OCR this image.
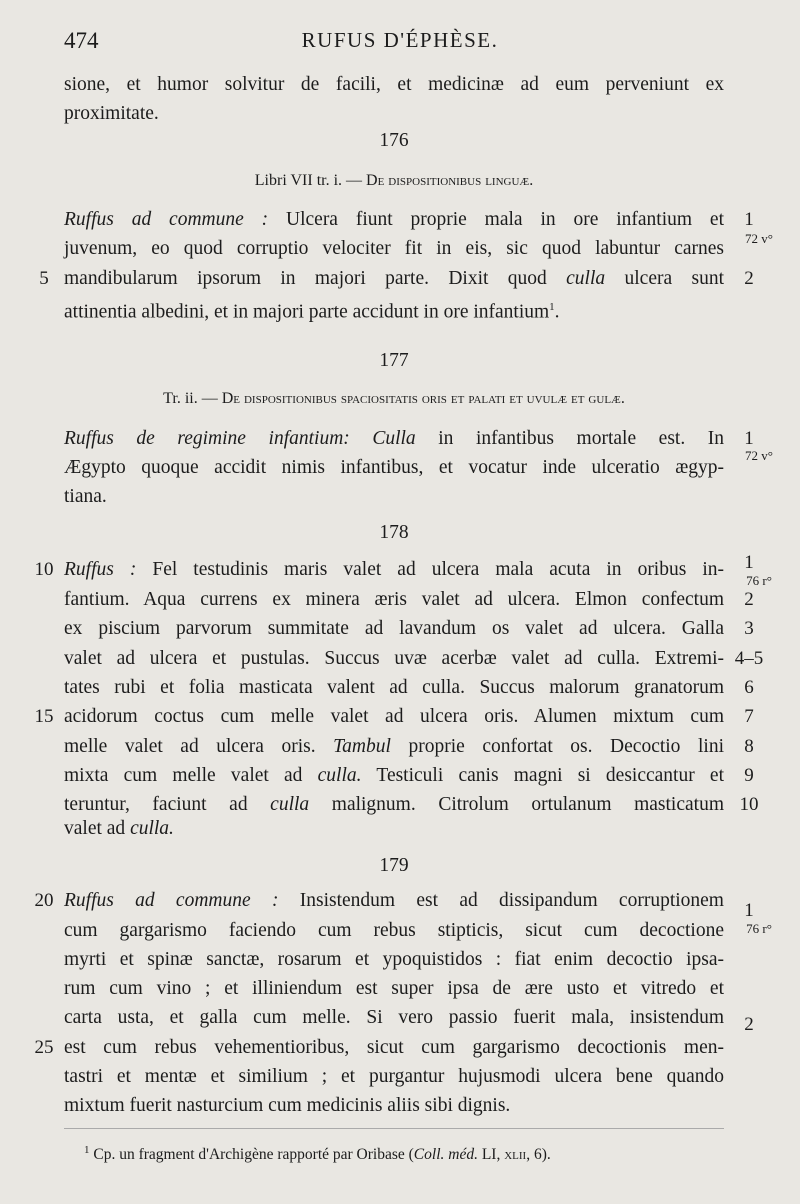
474	RUFUS D'ÉPHÈSE.
sione, et humor solvitur de facili, et medicinæ ad eum perveniunt ex
proximitate.
176
Libri VII tr. i. — De dispositionibus linguæ.
Ruffus ad commune : Ulcera fiunt proprie mala in ore infantium et
juvenum, eo quod corruptio velociter fit in eis, sic quod labuntur carnes
mandibularum ipsorum in majori parte. Dixit quod culla ulcera sunt
attinentia albedini, et in majori parte accidunt in ore infantium$^1$.
177
Tr. ii. — De dispositionibus spaciositatis oris et palati et uvulæ et gulæ.
Ruffus de regimine infantium: Culla in infantibus mortale est. In
Ægypto quoque accidit nimis infantibus, et vocatur inde ulceratio ægyp-
tiana.
178
Ruffus : Fel testudinis maris valet ad ulcera mala acuta in oribus in-
fantium. Aqua currens ex minera æris valet ad ulcera. Elmon confectum
ex piscium parvorum summitate ad lavandum os valet ad ulcera. Galla
valet ad ulcera et pustulas. Succus uvæ acerbæ valet ad culla. Extremi-
tates rubi et folia masticata valent ad culla. Succus malorum granatorum
acidorum coctus cum melle valet ad ulcera oris. Alumen mixtum cum
melle valet ad ulcera oris. Tambul proprie confortat os. Decoctio lini
mixta cum melle valet ad culla. Testiculi canis magni si desiccantur et
teruntur, faciunt ad culla malignum. Citrolum ortulanum masticatum
valet ad culla.
179
Ruffus ad commune : Insistendum est ad dissipandum corruptionem
cum gargarismo faciendo cum rebus stipticis, sicut cum decoctione
myrti et spinæ sanctæ, rosarum et ypoquistidos : fiat enim decoctio ipsa-
rum cum vino ; et illiniendum est super ipsa de ære usto et vitredo et
carta usta, et galla cum melle. Si vero passio fuerit mala, insistendum
est cum rebus vehementioribus, sicut cum gargarismo decoctionis men-
tastri et mentæ et similium ; et purgantur hujusmodi ulcera bene quando
mixtum fuerit nasturcium cum medicinis aliis sibi dignis.
5
10
15
20
25
1
2
1
1
2
3
4–5
6
7
8
9
10
1
2
72 v°
72 v°
76 r°
76 r°
$^1$ Cp. un fragment d'Archigène rapporté par Oribase (Coll. méd. LI, xlii, 6).
